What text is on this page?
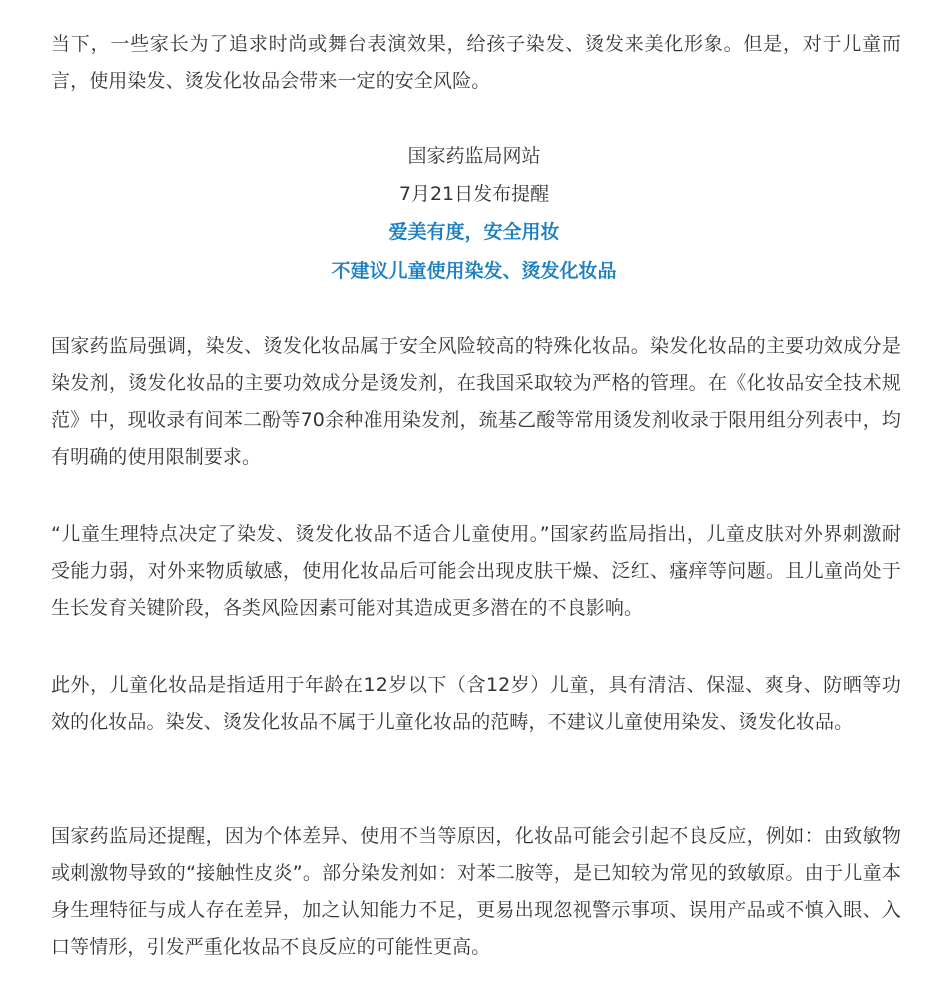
当下，一些家长为了追求时尚或舞台表演效果，给孩子染发、烫发来美化形象。但是，对于儿童而言，使用染发、烫发化妆品会带来一定的安全风险。

国家药监局网站

7月21日发布提醒

爱美有度，安全用妆

不建议儿童使用染发、烫发化妆品

国家药监局强调，染发、烫发化妆品属于安全风险较高的特殊化妆品。染发化妆品的主要功效成分是染发剂，烫发化妆品的主要功效成分是烫发剂，在我国采取较为严格的管理。在《化妆品安全技术规范》中，现收录有间苯二酚等70余种准用染发剂，巯基乙酸等常用烫发剂收录于限用组分列表中，均有明确的使用限制要求。

“儿童生理特点决定了染发、烫发化妆品不适合儿童使用。”国家药监局指出，儿童皮肤对外界刺激耐受能力弱，对外来物质敏感，使用化妆品后可能会出现皮肤干燥、泛红、瘙痒等问题。且儿童尚处于生长发育关键阶段，各类风险因素可能对其造成更多潜在的不良影响。

此外，儿童化妆品是指适用于年龄在12岁以下（含12岁）儿童，具有清洁、保湿、爽身、防晒等功效的化妆品。染发、烫发化妆品不属于儿童化妆品的范畴，不建议儿童使用染发、烫发化妆品。

国家药监局还提醒，因为个体差异、使用不当等原因，化妆品可能会引起不良反应，例如：由致敏物或刺激物导致的“接触性皮炎”。部分染发剂如：对苯二胺等，是已知较为常见的致敏原。由于儿童本身生理特征与成人存在差异，加之认知能力不足，更易出现忽视警示事项、误用产品或不慎入眼、入口等情形，引发严重化妆品不良反应的可能性更高。
